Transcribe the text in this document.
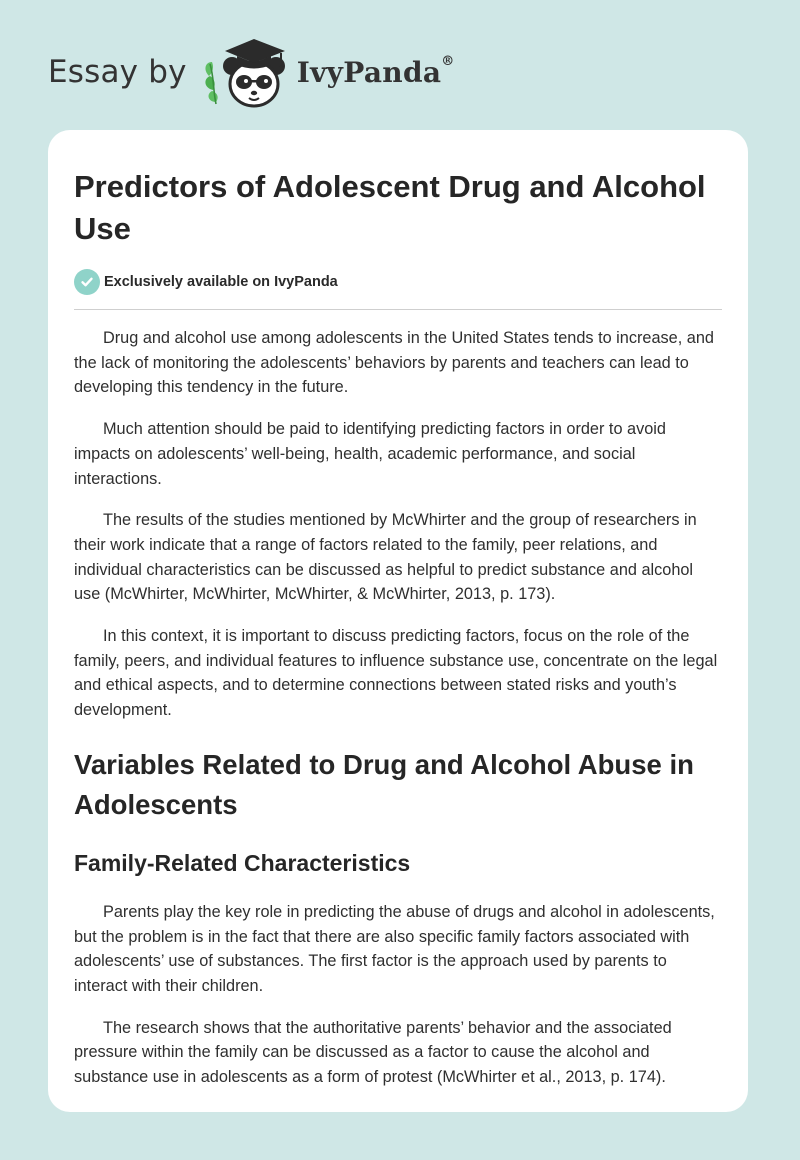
Essay by	IvyPanda®
Predictors of Adolescent Drug and Alcohol Use
Exclusively available on IvyPanda

Drug and alcohol use among adolescents in the United States tends to increase, and the lack of monitoring the adolescents’ behaviors by parents and teachers can lead to developing this tendency in the future.

Much attention should be paid to identifying predicting factors in order to avoid impacts on adolescents’ well-being, health, academic performance, and social interactions.

The results of the studies mentioned by McWhirter and the group of researchers in their work indicate that a range of factors related to the family, peer relations, and individual characteristics can be discussed as helpful to predict substance and alcohol use (McWhirter, McWhirter, McWhirter, & McWhirter, 2013, p. 173).

In this context, it is important to discuss predicting factors, focus on the role of the family, peers, and individual features to influence substance use, concentrate on the legal and ethical aspects, and to determine connections between stated risks and youth’s development.

Variables Related to Drug and Alcohol Abuse in Adolescents
Family-Related Characteristics

Parents play the key role in predicting the abuse of drugs and alcohol in adolescents, but the problem is in the fact that there are also specific family factors associated with adolescents’ use of substances. The first factor is the approach used by parents to interact with their children.

The research shows that the authoritative parents’ behavior and the associated pressure within the family can be discussed as a factor to cause the alcohol and substance use in adolescents as a form of protest (McWhirter et al., 2013, p. 174).
